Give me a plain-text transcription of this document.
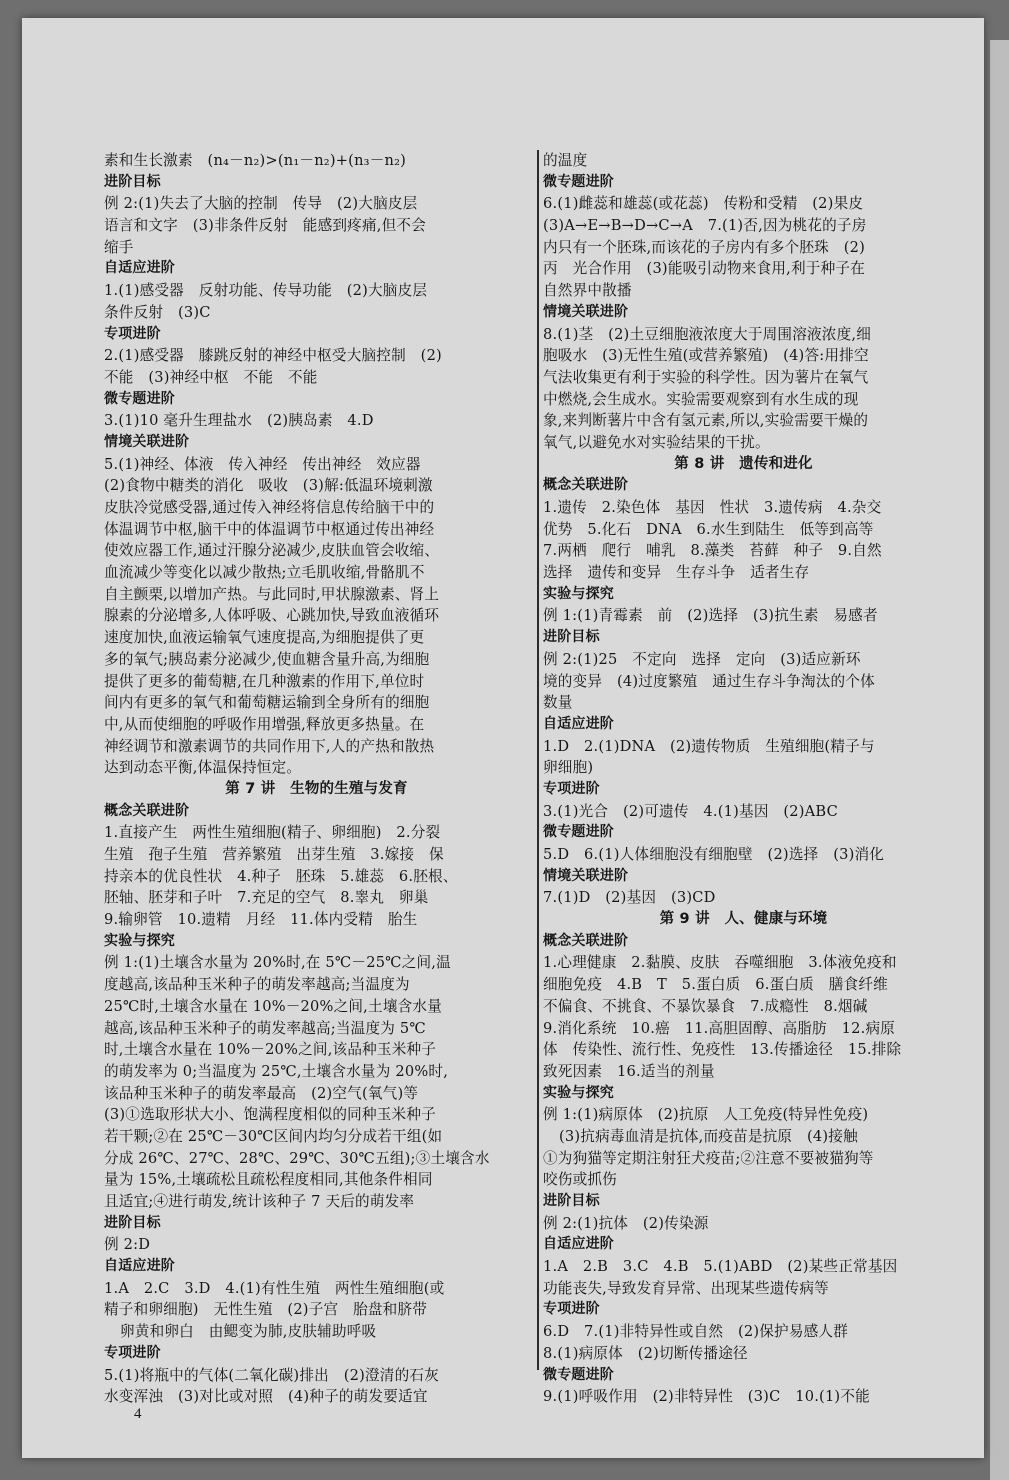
素和生长激素　(n₄－n₂)>(n₁－n₂)+(n₃－n₂)
进阶目标
例 2:(1)失去了大脑的控制　传导　(2)大脑皮层
语言和文字　(3)非条件反射　能感到疼痛,但不会
缩手
自适应进阶
1.(1)感受器　反射功能、传导功能　(2)大脑皮层
条件反射　(3)C
专项进阶
2.(1)感受器　膝跳反射的神经中枢受大脑控制　(2)
不能　(3)神经中枢　不能　不能
微专题进阶
3.(1)10 毫升生理盐水　(2)胰岛素　4.D
情境关联进阶
5.(1)神经、体液　传入神经　传出神经　效应器
(2)食物中糖类的消化　吸收　(3)解:低温环境刺激
皮肤冷觉感受器,通过传入神经将信息传给脑干中的
体温调节中枢,脑干中的体温调节中枢通过传出神经
使效应器工作,通过汗腺分泌减少,皮肤血管会收缩、
血流减少等变化以减少散热;立毛肌收缩,骨骼肌不
自主颤栗,以增加产热。与此同时,甲状腺激素、肾上
腺素的分泌增多,人体呼吸、心跳加快,导致血液循环
速度加快,血液运输氧气速度提高,为细胞提供了更
多的氧气;胰岛素分泌减少,使血糖含量升高,为细胞
提供了更多的葡萄糖,在几种激素的作用下,单位时
间内有更多的氧气和葡萄糖运输到全身所有的细胞
中,从而使细胞的呼吸作用增强,释放更多热量。在
神经调节和激素调节的共同作用下,人的产热和散热
达到动态平衡,体温保持恒定。
第 7 讲　生物的生殖与发育
概念关联进阶
1.直接产生　两性生殖细胞(精子、卵细胞)　2.分裂
生殖　孢子生殖　营养繁殖　出芽生殖　3.嫁接　保
持亲本的优良性状　4.种子　胚珠　5.雄蕊　6.胚根、
胚轴、胚芽和子叶　7.充足的空气　8.睾丸　卵巢
9.输卵管　10.遗精　月经　11.体内受精　胎生
实验与探究
例 1:(1)土壤含水量为 20%时,在 5℃－25℃之间,温
度越高,该品种玉米种子的萌发率越高;当温度为
25℃时,土壤含水量在 10%－20%之间,土壤含水量
越高,该品种玉米种子的萌发率越高;当温度为 5℃
时,土壤含水量在 10%－20%之间,该品种玉米种子
的萌发率为 0;当温度为 25℃,土壤含水量为 20%时,
该品种玉米种子的萌发率最高　(2)空气(氧气)等
(3)①选取形状大小、饱满程度相似的同种玉米种子
若干颗;②在 25℃－30℃区间内均匀分成若干组(如
分成 26℃、27℃、28℃、29℃、30℃五组);③土壤含水
量为 15%,土壤疏松且疏松程度相同,其他条件相同
且适宜;④进行萌发,统计该种子 7 天后的萌发率
进阶目标
例 2:D
自适应进阶
1.A　2.C　3.D　4.(1)有性生殖　两性生殖细胞(或
精子和卵细胞)　无性生殖　(2)子宫　胎盘和脐带
卵黄和卵白　由鳃变为肺,皮肤辅助呼吸
专项进阶
5.(1)将瓶中的气体(二氧化碳)排出　(2)澄清的石灰
水变浑浊　(3)对比或对照　(4)种子的萌发要适宜
的温度
微专题进阶
6.(1)雌蕊和雄蕊(或花蕊)　传粉和受精　(2)果皮
(3)A→E→B→D→C→A　7.(1)否,因为桃花的子房
内只有一个胚珠,而该花的子房内有多个胚珠　(2)
丙　光合作用　(3)能吸引动物来食用,利于种子在
自然界中散播
情境关联进阶
8.(1)茎　(2)土豆细胞液浓度大于周围溶液浓度,细
胞吸水　(3)无性生殖(或营养繁殖)　(4)答:用排空
气法收集更有利于实验的科学性。因为薯片在氧气
中燃烧,会生成水。实验需要观察到有水生成的现
象,来判断薯片中含有氢元素,所以,实验需要干燥的
氧气,以避免水对实验结果的干扰。
第 8 讲　遗传和进化
概念关联进阶
1.遗传　2.染色体　基因　性状　3.遗传病　4.杂交
优势　5.化石　DNA　6.水生到陆生　低等到高等
7.两栖　爬行　哺乳　8.藻类　苔藓　种子　9.自然
选择　遗传和变异　生存斗争　适者生存
实验与探究
例 1:(1)青霉素　前　(2)选择　(3)抗生素　易感者
进阶目标
例 2:(1)25　不定向　选择　定向　(3)适应新环
境的变异　(4)过度繁殖　通过生存斗争淘汰的个体
数量
自适应进阶
1.D　2.(1)DNA　(2)遗传物质　生殖细胞(精子与
卵细胞)
专项进阶
3.(1)光合　(2)可遗传　4.(1)基因　(2)ABC
微专题进阶
5.D　6.(1)人体细胞没有细胞壁　(2)选择　(3)消化
情境关联进阶
7.(1)D　(2)基因　(3)CD
第 9 讲　人、健康与环境
概念关联进阶
1.心理健康　2.黏膜、皮肤　吞噬细胞　3.体液免疫和
细胞免疫　4.B　T　5.蛋白质　6.蛋白质　膳食纤维
不偏食、不挑食、不暴饮暴食　7.成瘾性　8.烟碱
9.消化系统　10.癌　11.高胆固醇、高脂肪　12.病原
体　传染性、流行性、免疫性　13.传播途径　15.排除
致死因素　16.适当的剂量
实验与探究
例 1:(1)病原体　(2)抗原　人工免疫(特异性免疫)
(3)抗病毒血清是抗体,而疫苗是抗原　(4)接触
①为狗猫等定期注射狂犬疫苗;②注意不要被猫狗等
咬伤或抓伤
进阶目标
例 2:(1)抗体　(2)传染源
自适应进阶
1.A　2.B　3.C　4.B　5.(1)ABD　(2)某些正常基因
功能丧失,导致发育异常、出现某些遗传病等
专项进阶
6.D　7.(1)非特异性或自然　(2)保护易感人群
8.(1)病原体　(2)切断传播途径
微专题进阶
9.(1)呼吸作用　(2)非特异性　(3)C　10.(1)不能
4
